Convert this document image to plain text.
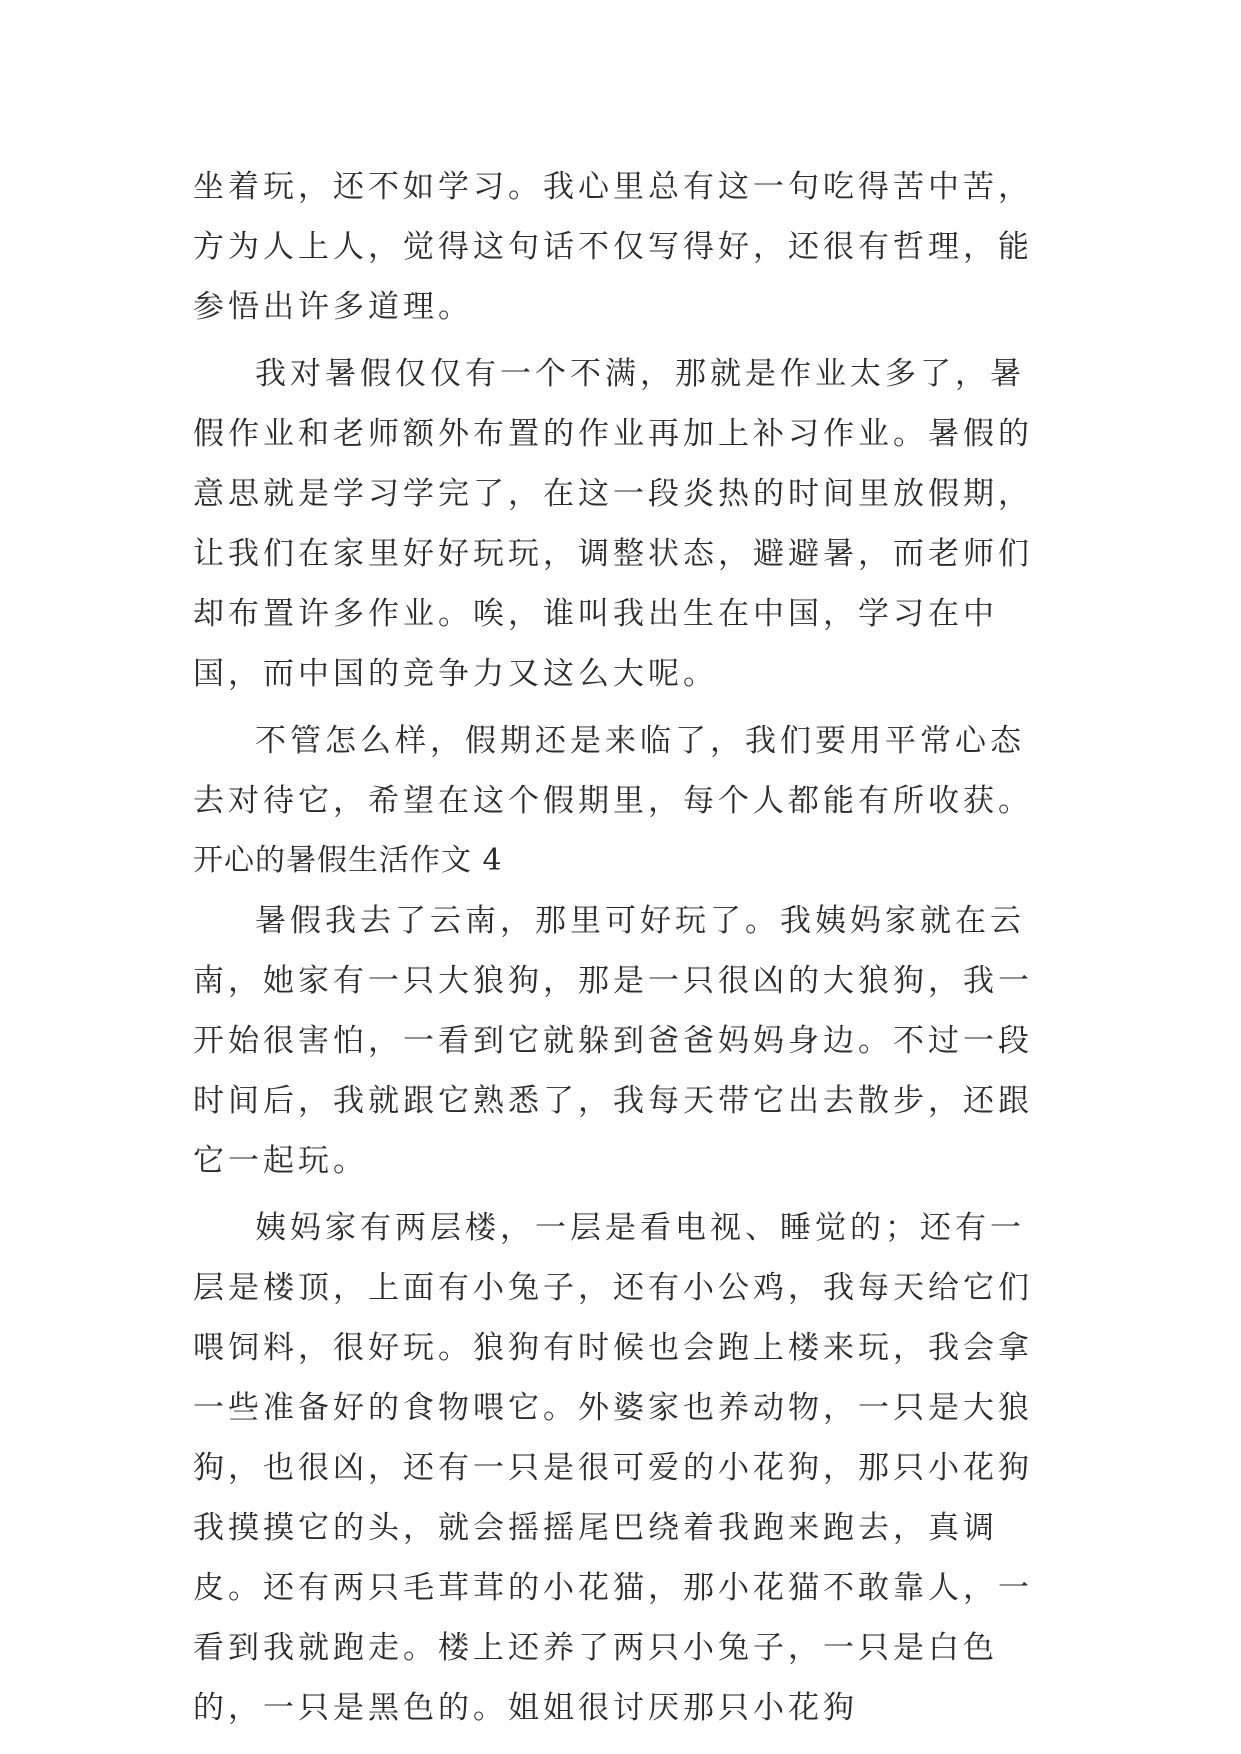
坐着玩，还不如学习。我心里总有这一句吃得苦中苦，方为人上人，觉得这句话不仅写得好，还很有哲理，能参悟出许多道理。

我对暑假仅仅有一个不满，那就是作业太多了，暑假作业和老师额外布置的作业再加上补习作业。暑假的意思就是学习学完了，在这一段炎热的时间里放假期，让我们在家里好好玩玩，调整状态，避避暑，而老师们却布置许多作业。唉，谁叫我出生在中国，学习在中国，而中国的竞争力又这么大呢。

不管怎么样，假期还是来临了，我们要用平常心态去对待它，希望在这个假期里，每个人都能有所收获。

开心的暑假生活作文 4

暑假我去了云南，那里可好玩了。我姨妈家就在云南，她家有一只大狼狗，那是一只很凶的大狼狗，我一开始很害怕，一看到它就躲到爸爸妈妈身边。不过一段时间后，我就跟它熟悉了，我每天带它出去散步，还跟它一起玩。

姨妈家有两层楼，一层是看电视、睡觉的；还有一层是楼顶，上面有小兔子，还有小公鸡，我每天给它们喂饲料，很好玩。狼狗有时候也会跑上楼来玩，我会拿一些准备好的食物喂它。外婆家也养动物，一只是大狼狗，也很凶，还有一只是很可爱的小花狗，那只小花狗我摸摸它的头，就会摇摇尾巴绕着我跑来跑去，真调皮。还有两只毛茸茸的小花猫，那小花猫不敢靠人，一看到我就跑走。楼上还养了两只小兔子，一只是白色的，一只是黑色的。姐姐很讨厌那只小花狗
